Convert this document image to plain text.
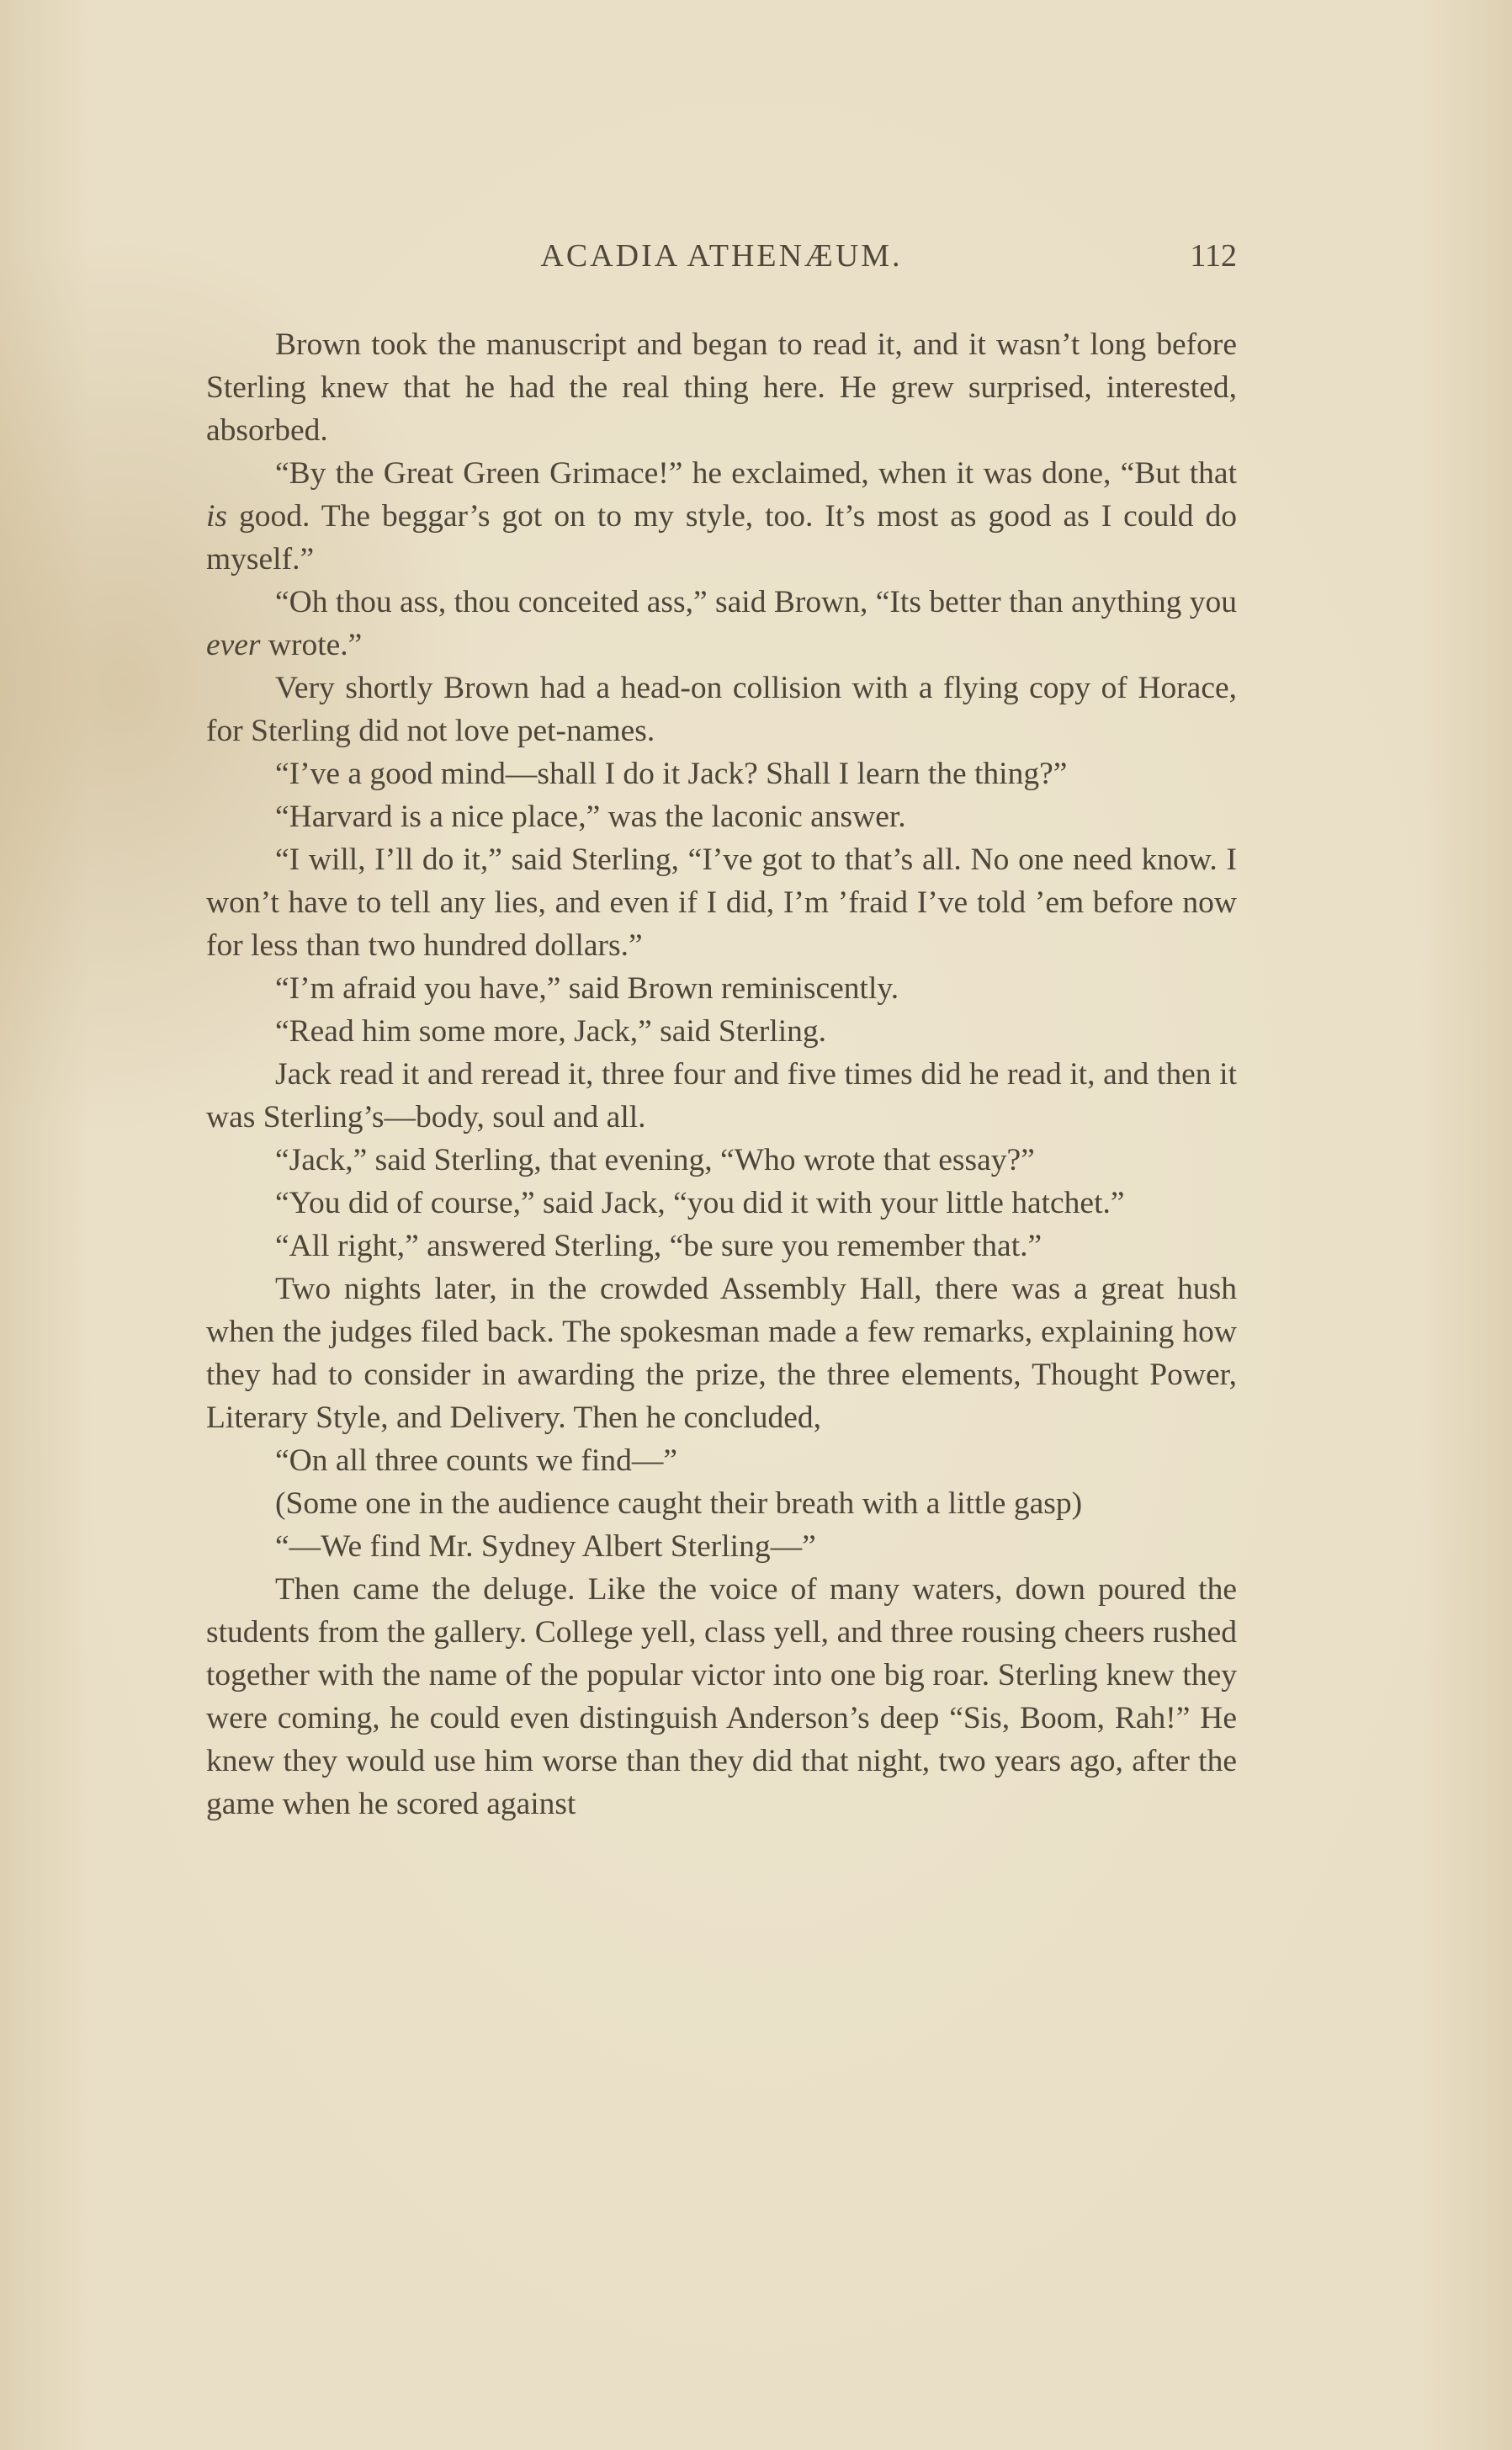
ACADIA ATHENÆUM.	112

Brown took the manuscript and began to read it, and it wasn’t long before Sterling knew that he had the real thing here. He grew surprised, interested, absorbed.

“By the Great Green Grimace!” he exclaimed, when it was done, “But that is good. The beggar’s got on to my style, too. It’s most as good as I could do myself.”

“Oh thou ass, thou conceited ass,” said Brown, “Its better than anything you ever wrote.”

Very shortly Brown had a head-on collision with a flying copy of Horace, for Sterling did not love pet-names.

“I’ve a good mind—shall I do it Jack? Shall I learn the thing?”

“Harvard is a nice place,” was the laconic answer.

“I will, I’ll do it,” said Sterling, “I’ve got to that’s all. No one need know. I won’t have to tell any lies, and even if I did, I’m ’fraid I’ve told ’em before now for less than two hundred dollars.”

“I’m afraid you have,” said Brown reminiscently.

“Read him some more, Jack,” said Sterling.

Jack read it and reread it, three four and five times did he read it, and then it was Sterling’s—body, soul and all.

“Jack,” said Sterling, that evening, “Who wrote that essay?”

“You did of course,” said Jack, “you did it with your little hatchet.”

“All right,” answered Sterling, “be sure you remember that.”

Two nights later, in the crowded Assembly Hall, there was a great hush when the judges filed back. The spokesman made a few remarks, explaining how they had to consider in awarding the prize, the three elements, Thought Power, Literary Style, and Delivery. Then he concluded,

“On all three counts we find—”

(Some one in the audience caught their breath with a little gasp)

“—We find Mr. Sydney Albert Sterling—”

Then came the deluge. Like the voice of many waters, down poured the students from the gallery. College yell, class yell, and three rousing cheers rushed together with the name of the popular victor into one big roar. Sterling knew they were coming, he could even distinguish Anderson’s deep “Sis, Boom, Rah!” He knew they would use him worse than they did that night, two years ago, after the game when he scored against
